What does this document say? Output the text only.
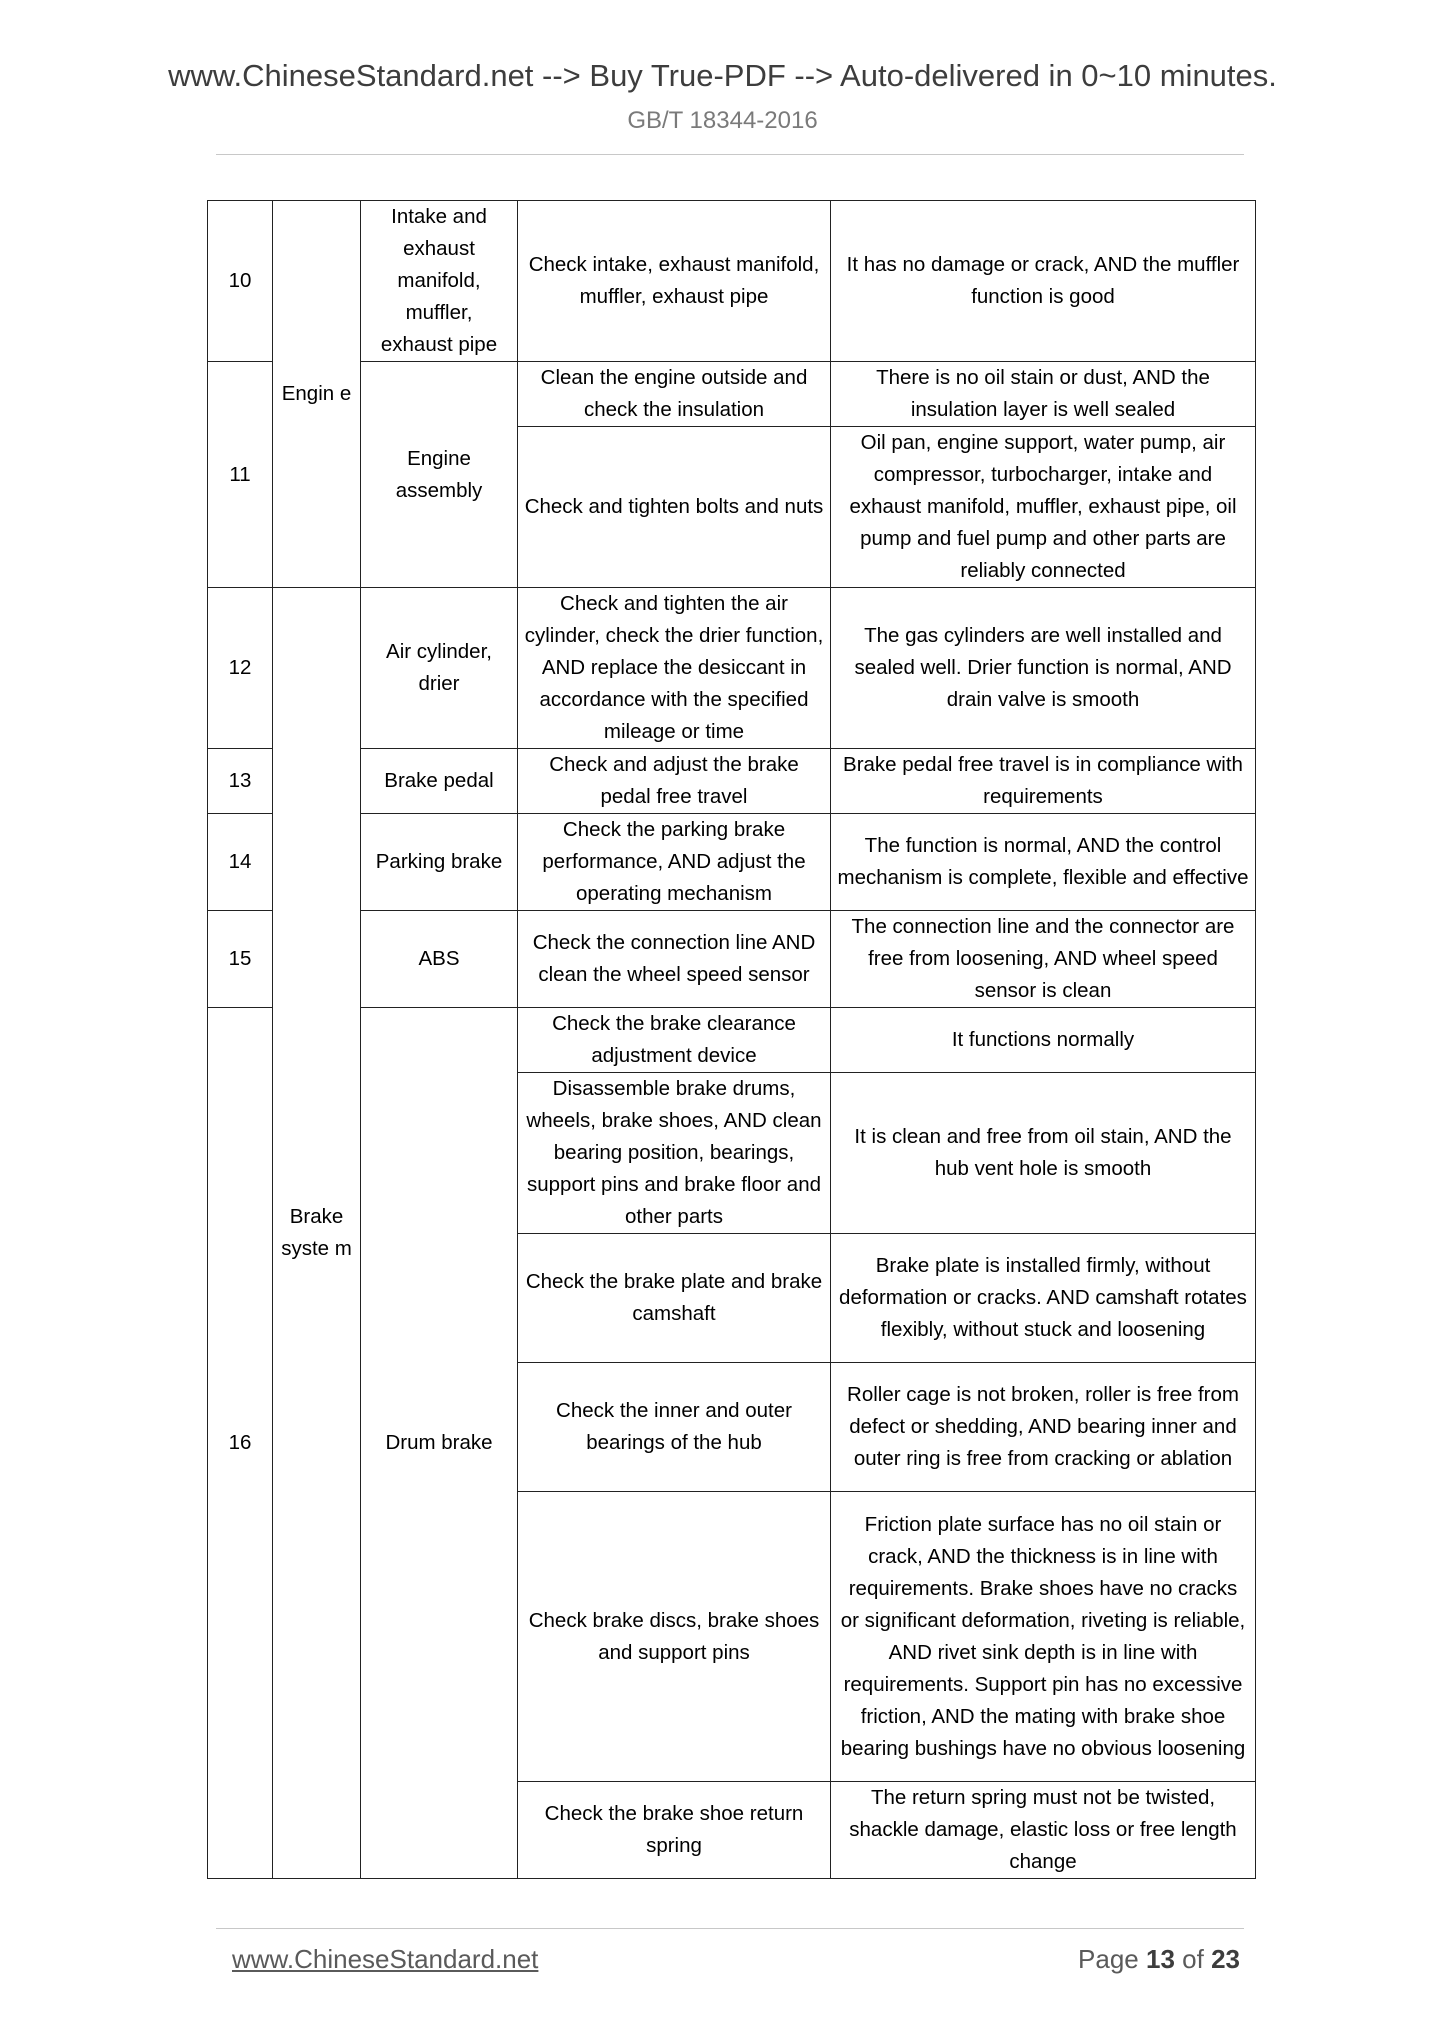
www.ChineseStandard.net --> Buy True-PDF --> Auto-delivered in 0~10 minutes.
GB/T 18344-2016
10	Engin e	Intake and exhaust manifold, muffler, exhaust pipe	Check intake, exhaust manifold, muffler, exhaust pipe	It has no damage or crack, AND the muffler function is good
11		Engine assembly	Clean the engine outside and check the insulation	There is no oil stain or dust, AND the insulation layer is well sealed
			Check and tighten bolts and nuts	Oil pan, engine support, water pump, air compressor, turbocharger, intake and exhaust manifold, muffler, exhaust pipe, oil pump and fuel pump and other parts are reliably connected
12	Brake syste m	Air cylinder, drier	Check and tighten the air cylinder, check the drier function, AND replace the desiccant in accordance with the specified mileage or time	The gas cylinders are well installed and sealed well. Drier function is normal, AND drain valve is smooth
13		Brake pedal	Check and adjust the brake pedal free travel	Brake pedal free travel is in compliance with requirements
14		Parking brake	Check the parking brake performance, AND adjust the operating mechanism	The function is normal, AND the control mechanism is complete, flexible and effective
15		ABS	Check the connection line AND clean the wheel speed sensor	The connection line and the connector are free from loosening, AND wheel speed sensor is clean
16		Drum brake	Check the brake clearance adjustment device	It functions normally
			Disassemble brake drums, wheels, brake shoes, AND clean bearing position, bearings, support pins and brake floor and other parts	It is clean and free from oil stain, AND the hub vent hole is smooth
			Check the brake plate and brake camshaft	Brake plate is installed firmly, without deformation or cracks. AND camshaft rotates flexibly, without stuck and loosening
			Check the inner and outer bearings of the hub	Roller cage is not broken, roller is free from defect or shedding, AND bearing inner and outer ring is free from cracking or ablation
			Check brake discs, brake shoes and support pins	Friction plate surface has no oil stain or crack, AND the thickness is in line with requirements. Brake shoes have no cracks or significant deformation, riveting is reliable, AND rivet sink depth is in line with requirements. Support pin has no excessive friction, AND the mating with brake shoe bearing bushings have no obvious loosening
			Check the brake shoe return spring	The return spring must not be twisted, shackle damage, elastic loss or free length change
www.ChineseStandard.net	Page 13 of 23
